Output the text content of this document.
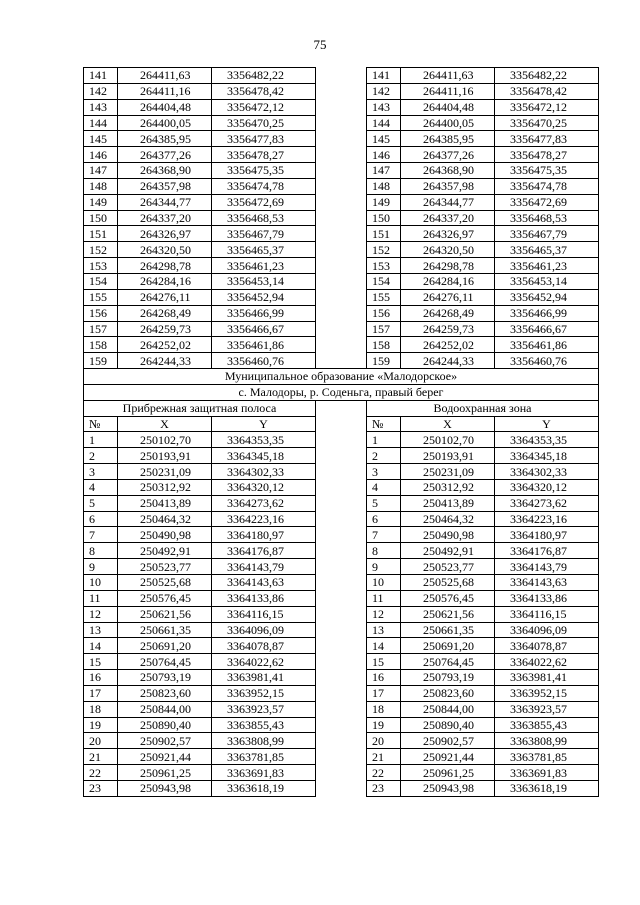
75
141	264411,63	3356482,22		141	264411,63	3356482,22
142	264411,16	3356478,42		142	264411,16	3356478,42
143	264404,48	3356472,12		143	264404,48	3356472,12
144	264400,05	3356470,25		144	264400,05	3356470,25
145	264385,95	3356477,83		145	264385,95	3356477,83
146	264377,26	3356478,27		146	264377,26	3356478,27
147	264368,90	3356475,35		147	264368,90	3356475,35
148	264357,98	3356474,78		148	264357,98	3356474,78
149	264344,77	3356472,69		149	264344,77	3356472,69
150	264337,20	3356468,53		150	264337,20	3356468,53
151	264326,97	3356467,79		151	264326,97	3356467,79
152	264320,50	3356465,37		152	264320,50	3356465,37
153	264298,78	3356461,23		153	264298,78	3356461,23
154	264284,16	3356453,14		154	264284,16	3356453,14
155	264276,11	3356452,94		155	264276,11	3356452,94
156	264268,49	3356466,99		156	264268,49	3356466,99
157	264259,73	3356466,67		157	264259,73	3356466,67
158	264252,02	3356461,86		158	264252,02	3356461,86
159	264244,33	3356460,76		159	264244,33	3356460,76
Муниципальное образование «Малодорское»						
с. Малодоры, р. Соденьга, правый берег						
Прибрежная защитная полоса				Водоохранная зона		
№	X	Y		№	X	Y
1	250102,70	3364353,35		1	250102,70	3364353,35
2	250193,91	3364345,18		2	250193,91	3364345,18
3	250231,09	3364302,33		3	250231,09	3364302,33
4	250312,92	3364320,12		4	250312,92	3364320,12
5	250413,89	3364273,62		5	250413,89	3364273,62
6	250464,32	3364223,16		6	250464,32	3364223,16
7	250490,98	3364180,97		7	250490,98	3364180,97
8	250492,91	3364176,87		8	250492,91	3364176,87
9	250523,77	3364143,79		9	250523,77	3364143,79
10	250525,68	3364143,63		10	250525,68	3364143,63
11	250576,45	3364133,86		11	250576,45	3364133,86
12	250621,56	3364116,15		12	250621,56	3364116,15
13	250661,35	3364096,09		13	250661,35	3364096,09
14	250691,20	3364078,87		14	250691,20	3364078,87
15	250764,45	3364022,62		15	250764,45	3364022,62
16	250793,19	3363981,41		16	250793,19	3363981,41
17	250823,60	3363952,15		17	250823,60	3363952,15
18	250844,00	3363923,57		18	250844,00	3363923,57
19	250890,40	3363855,43		19	250890,40	3363855,43
20	250902,57	3363808,99		20	250902,57	3363808,99
21	250921,44	3363781,85		21	250921,44	3363781,85
22	250961,25	3363691,83		22	250961,25	3363691,83
23	250943,98	3363618,19		23	250943,98	3363618,19
